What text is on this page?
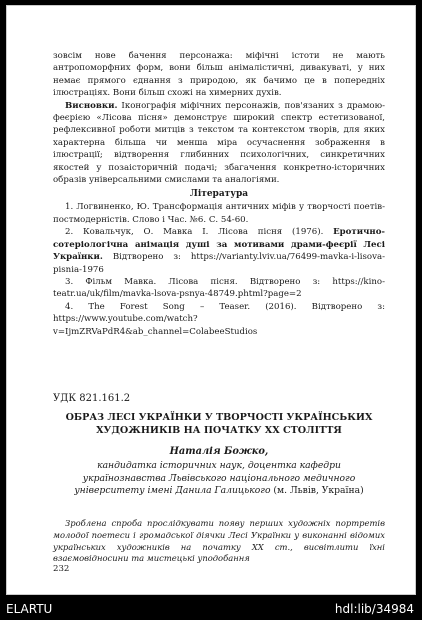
зовсім нове бачення персонажа: міфічні істоти не мають антропоморфних форм, вони більш анімалістичні, дивакуваті, у них немає прямого єднання з природою, як бачимо це в попередніх ілюстраціях. Вони більш схожі на химерних духів.

Висновки. Іконографія міфічних персонажів, пов'язаних з драмою-феєрією «Лісова пісня» демонструє широкий спектр естетизованої, рефлексивної роботи митців з текстом та контекстом творів, для яких характерна більша чи менша міра осучаснення зображення в ілюстрації; відтворення глибинних психологічних, синкретичних якостей у позаісторичній подачі; збагачення конкретно-історичних образів універсальними смислами та аналогіями.

Література

1. Логвиненко, Ю. Трансформація античних міфів у творчості поетів-постмодерністів. Слово і Час. №6. С. 54-60.

2. Ковальчук, О. Мавка І. Лісова пісня (1976). Еротично-сотеріологічна анімація душі за мотивами драми-феєрії Лесі Українки. Відтворено з: https://varianty.lviv.ua/76499-mavka-i-lisova-pisnia-1976

3. Фільм Мавка. Лісова пісня. Відтворено з: https://kino-teatr.ua/uk/film/mavka-lsova-psnya-48749.phtml?page=2

4. The Forest Song – Teaser. (2016). Відтворено з: https://www.youtube.com/watch?v=IjmZRVaPdR4&ab_channel=ColabeeStudios

УДК 821.161.2

ОБРАЗ ЛЕСІ УКРАЇНКИ У ТВОРЧОСТІ УКРАЇНСЬКИХ
ХУДОЖНИКІВ НА ПОЧАТКУ ХХ СТОЛІТТЯ
Наталія Божко,
кандидатка історичних наук, доцентка кафедри
українознавства Львівського національного медичного
університету імені Данила Галицького (м. Львів, Україна)

Зроблена спроба прослідкувати появу перших художніх портретів молодої поетеси і громадської діячки Лесі Українки у виконанні відомих українських художників на початку ХХ ст., висвітлити їхні взаємовідносини та мистецькі уподобання

232
ELARTU	hdl:lib/34984
